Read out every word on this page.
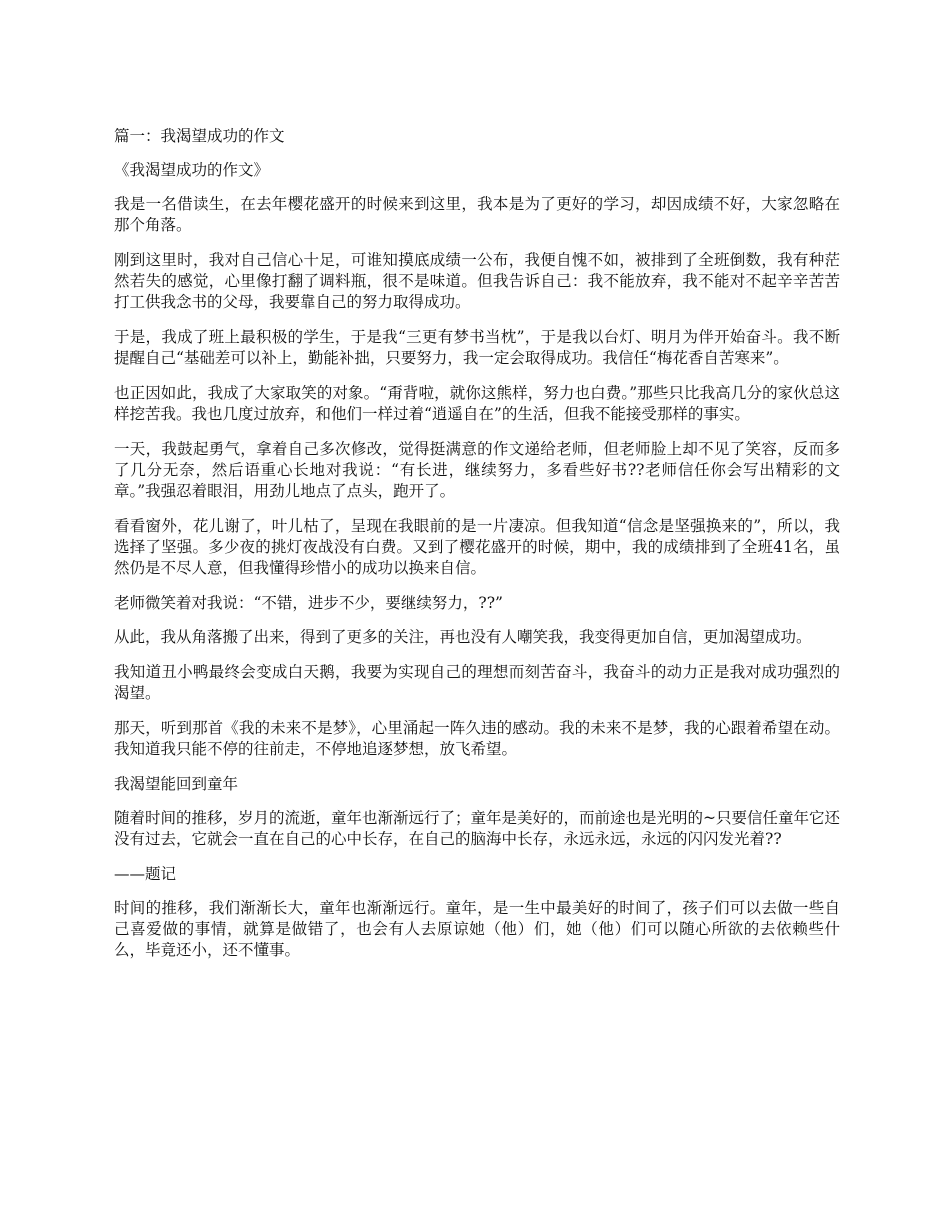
篇一：我渴望成功的作文

《我渴望成功的作文》

我是一名借读生，在去年樱花盛开的时候来到这里，我本是为了更好的学习，却因成绩不好，大家忽略在那个角落。

刚到这里时，我对自己信心十足，可谁知摸底成绩一公布，我便自愧不如，被排到了全班倒数，我有种茫然若失的感觉，心里像打翻了调料瓶，很不是味道。但我告诉自己：我不能放弃，我不能对不起辛辛苦苦打工供我念书的父母，我要靠自己的努力取得成功。

于是，我成了班上最积极的学生，于是我“三更有梦书当枕”，于是我以台灯、明月为伴开始奋斗。我不断提醒自己“基础差可以补上，勤能补拙，只要努力，我一定会取得成功。我信任“梅花香自苦寒来”。

也正因如此，我成了大家取笑的对象。“甭背啦，就你这熊样，努力也白费。”那些只比我高几分的家伙总这样挖苦我。我也几度过放弃，和他们一样过着“逍遥自在”的生活，但我不能接受那样的事实。

一天，我鼓起勇气，拿着自己多次修改，觉得挺满意的作文递给老师，但老师脸上却不见了笑容，反而多了几分无奈，然后语重心长地对我说：“有长进，继续努力，多看些好书??老师信任你会写出精彩的文章。”我强忍着眼泪，用劲儿地点了点头，跑开了。

看看窗外，花儿谢了，叶儿枯了，呈现在我眼前的是一片凄凉。但我知道“信念是坚强换来的”，所以，我选择了坚强。多少夜的挑灯夜战没有白费。又到了樱花盛开的时候，期中，我的成绩排到了全班41名，虽然仍是不尽人意，但我懂得珍惜小的成功以换来自信。

老师微笑着对我说：“不错，进步不少，要继续努力，??”

从此，我从角落搬了出来，得到了更多的关注，再也没有人嘲笑我，我变得更加自信，更加渴望成功。

我知道丑小鸭最终会变成白天鹅，我要为实现自己的理想而刻苦奋斗，我奋斗的动力正是我对成功强烈的渴望。

那天，听到那首《我的未来不是梦》，心里涌起一阵久违的感动。我的未来不是梦，我的心跟着希望在动。我知道我只能不停的往前走，不停地追逐梦想，放飞希望。

我渴望能回到童年

随着时间的推移，岁月的流逝，童年也渐渐远行了；童年是美好的，而前途也是光明的~只要信任童年它还没有过去，它就会一直在自己的心中长存，在自己的脑海中长存，永远永远，永远的闪闪发光着??

——题记

时间的推移，我们渐渐长大，童年也渐渐远行。童年，是一生中最美好的时间了，孩子们可以去做一些自己喜爱做的事情，就算是做错了，也会有人去原谅她（他）们，她（他）们可以随心所欲的去依赖些什么，毕竟还小，还不懂事。
